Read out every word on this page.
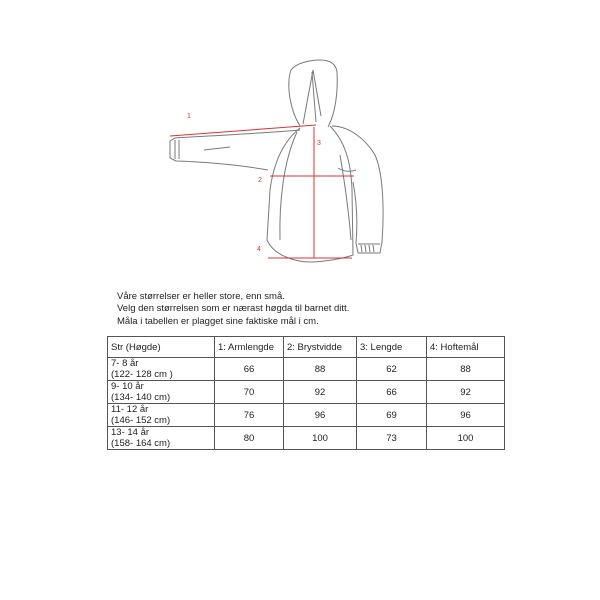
1
2
3
4
Våre størrelser er heller store, enn små.
Velg den størrelsen som er nærast høgda til barnet ditt.
Måla i tabellen er plagget sine faktiske mål i cm.
Str (Høgde)	1: Armlengde	2: Brystvidde	3: Lengde	4: Hoftemål

7- 8 år
(122- 128 cm )	66	88	62	88

9- 10 år
(134- 140 cm)	70	92	66	92

11- 12 år
(146- 152 cm)	76	96	69	96

13- 14 år
(158- 164 cm)	80	100	73	100
